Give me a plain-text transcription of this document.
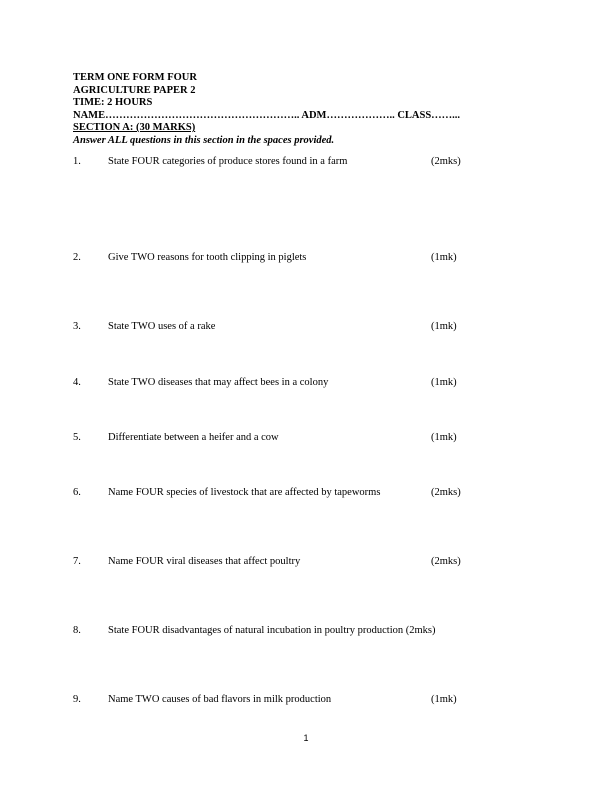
TERM ONE FORM FOUR
AGRICULTURE PAPER 2
TIME: 2 HOURS
NAME……………………………………………….. ADM……………….. CLASS……...
SECTION A: (30 MARKS)
Answer ALL questions in this section in the spaces provided.
1.	State FOUR categories of produce stores found in a farm	(2mks)
2.	Give TWO reasons for tooth clipping in piglets	(1mk)
3.	State TWO uses of a rake	(1mk)
4.	State TWO diseases that may affect bees in a colony	(1mk)
5.	Differentiate between a heifer and a cow	(1mk)
6.	Name FOUR species of livestock that are affected by tapeworms	(2mks)
7.	Name FOUR viral diseases that affect poultry	(2mks)
8.	State FOUR disadvantages of natural incubation in poultry production (2mks)
9.	Name TWO causes of bad flavors in milk production	(1mk)
1
